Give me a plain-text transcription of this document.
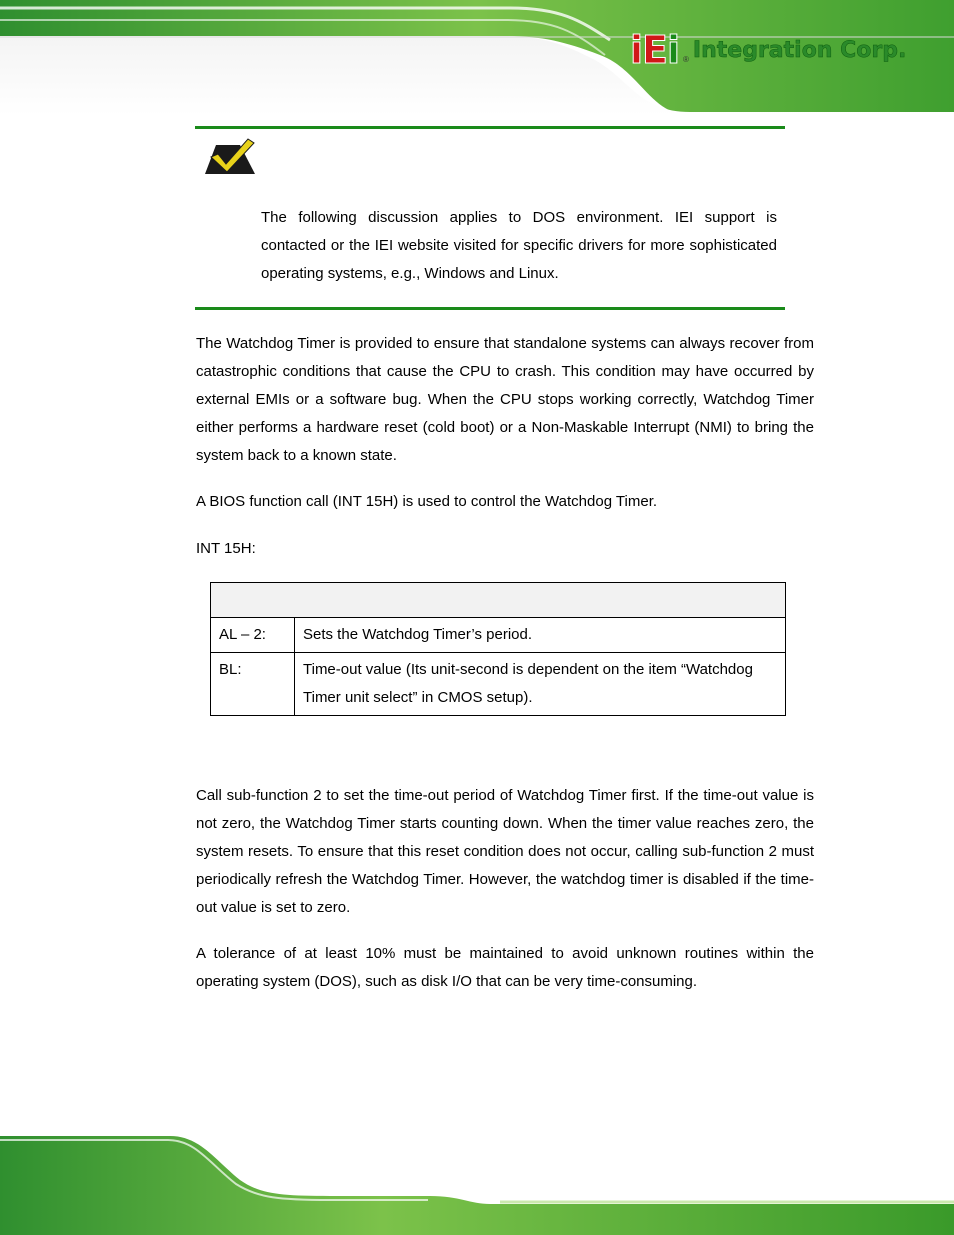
iEi ® Integration Corp.
The following discussion applies to DOS environment. IEI support is contacted or the IEI website visited for specific drivers for more sophisticated operating systems, e.g., Windows and Linux.

The Watchdog Timer is provided to ensure that standalone systems can always recover from catastrophic conditions that cause the CPU to crash. This condition may have occurred by external EMIs or a software bug. When the CPU stops working correctly, Watchdog Timer either performs a hardware reset (cold boot) or a Non-Maskable Interrupt (NMI) to bring the system back to a known state.

A BIOS function call (INT 15H) is used to control the Watchdog Timer.

INT 15H:

AL – 2:	Sets the Watchdog Timer’s period.
BL:	Time-out value (Its unit-second is dependent on the item “Watchdog Timer unit select” in CMOS setup).

Call sub-function 2 to set the time-out period of Watchdog Timer first. If the time-out value is not zero, the Watchdog Timer starts counting down. When the timer value reaches zero, the system resets. To ensure that this reset condition does not occur, calling sub-function 2 must periodically refresh the Watchdog Timer. However, the watchdog timer is disabled if the time-out value is set to zero.

A tolerance of at least 10% must be maintained to avoid unknown routines within the operating system (DOS), such as disk I/O that can be very time-consuming.
